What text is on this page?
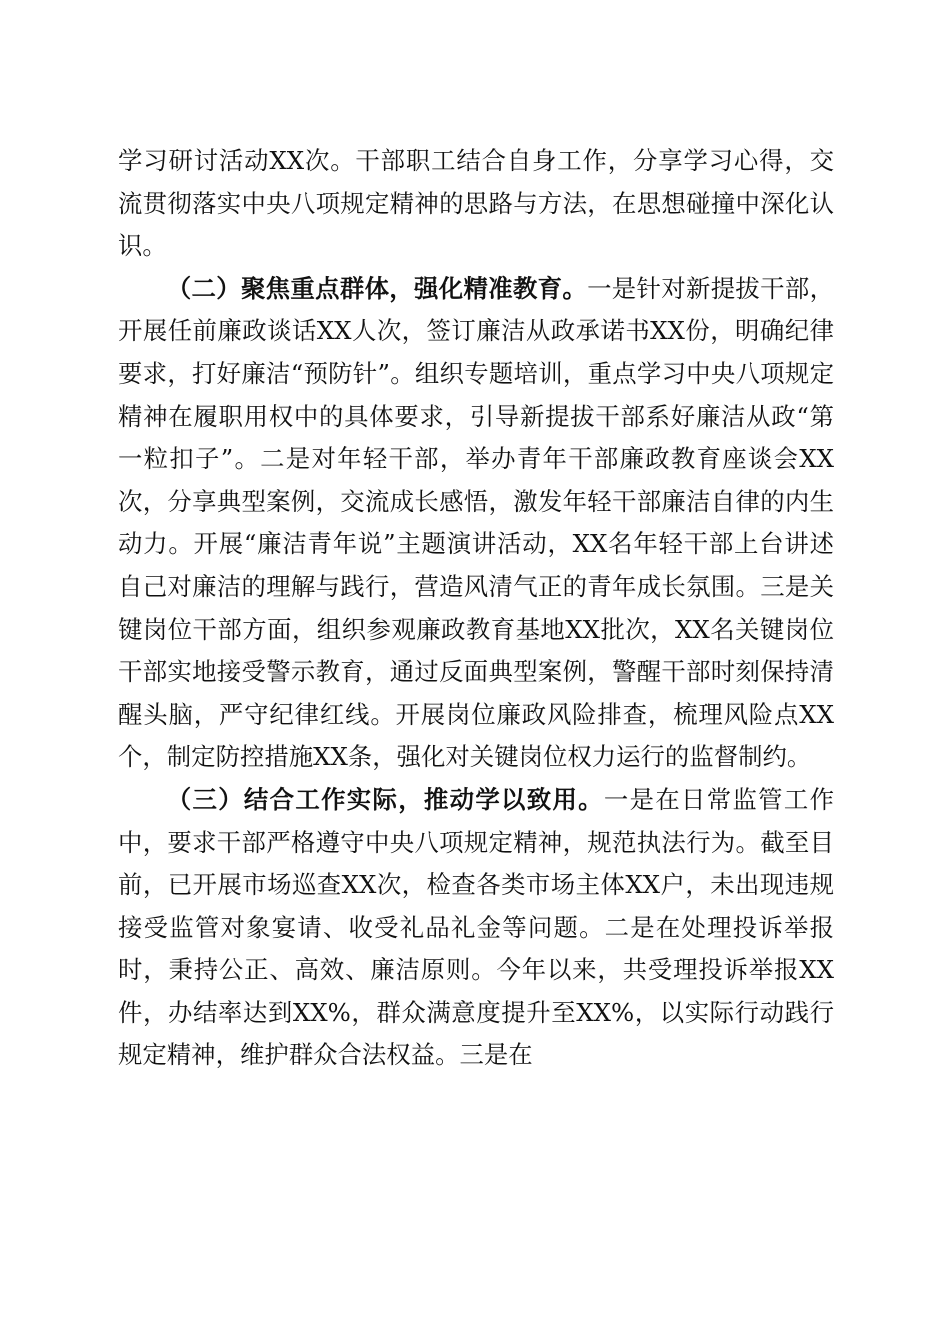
学习研讨活动XX次。干部职工结合自身工作，分享学习心得，交流贯彻落实中央八项规定精神的思路与方法，在思想碰撞中深化认识。

（二）聚焦重点群体，强化精准教育。一是针对新提拔干部，开展任前廉政谈话XX人次，签订廉洁从政承诺书XX份，明确纪律要求，打好廉洁“预防针”。组织专题培训，重点学习中央八项规定精神在履职用权中的具体要求，引导新提拔干部系好廉洁从政“第一粒扣子”。二是对年轻干部，举办青年干部廉政教育座谈会XX次，分享典型案例，交流成长感悟，激发年轻干部廉洁自律的内生动力。开展“廉洁青年说”主题演讲活动，XX名年轻干部上台讲述自己对廉洁的理解与践行，营造风清气正的青年成长氛围。三是关键岗位干部方面，组织参观廉政教育基地XX批次，XX名关键岗位干部实地接受警示教育，通过反面典型案例，警醒干部时刻保持清醒头脑，严守纪律红线。开展岗位廉政风险排查，梳理风险点XX个，制定防控措施XX条，强化对关键岗位权力运行的监督制约。

（三）结合工作实际，推动学以致用。一是在日常监管工作中，要求干部严格遵守中央八项规定精神，规范执法行为。截至目前，已开展市场巡查XX次，检查各类市场主体XX户，未出现违规接受监管对象宴请、收受礼品礼金等问题。二是在处理投诉举报时，秉持公正、高效、廉洁原则。今年以来，共受理投诉举报XX件，办结率达到XX%，群众满意度提升至XX%，以实际行动践行规定精神，维护群众合法权益。三是在
